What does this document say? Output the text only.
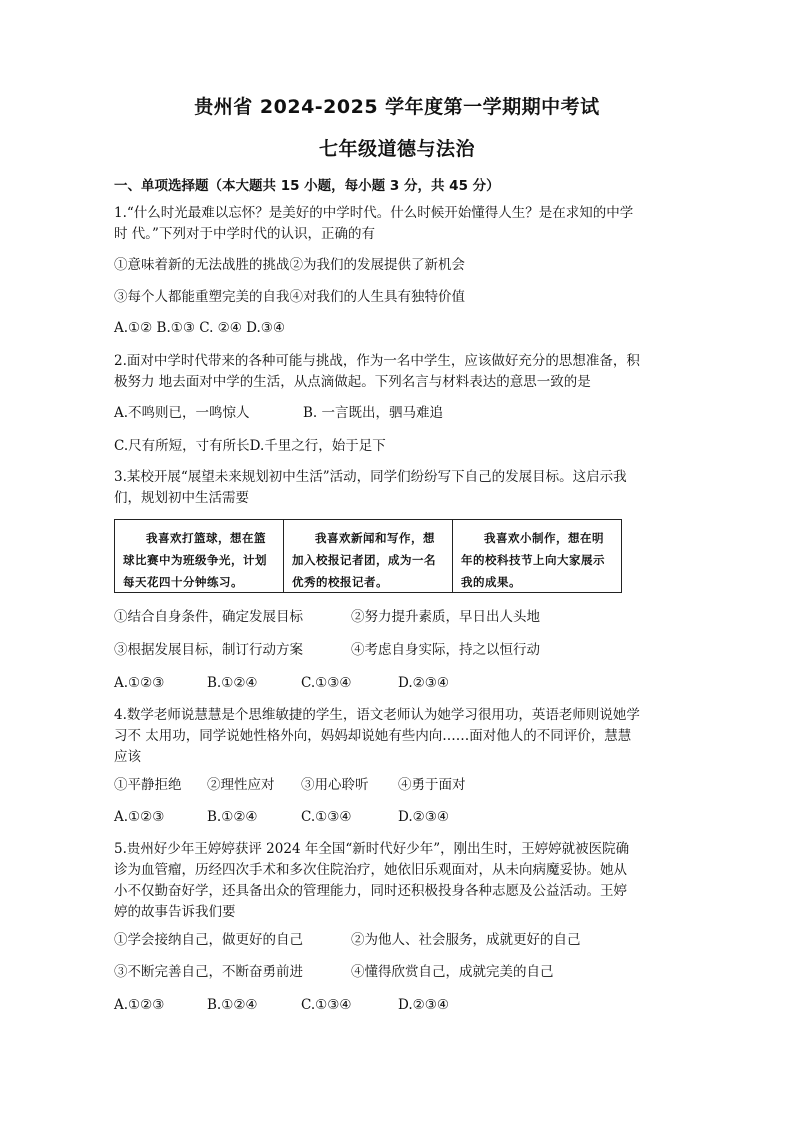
贵州省 2024-2025 学年度第一学期期中考试
七年级道德与法治
一、单项选择题（本大题共 15 小题，每小题 3 分，共 45 分）
1.“什么时光最难以忘怀？是美好的中学时代。什么时候开始懂得人生？是在求知的中学
时 代。”下列对于中学时代的认识，正确的有
①意味着新的无法战胜的挑战②为我们的发展提供了新机会
③每个人都能重塑完美的自我④对我们的人生具有独特价值
A.①② B.①③ C. ②④ D.③④
2.面对中学时代带来的各种可能与挑战，作为一名中学生，应该做好充分的思想准备，积
极努力 地去面对中学的生活，从点滴做起。下列名言与材料表达的意思一致的是
A.不鸣则已，一鸣惊人	B. 一言既出，驷马难追
C.尺有所短，寸有所长D.千里之行，始于足下
3.某校开展“展望未来规划初中生活”活动，同学们纷纷写下自己的发展目标。这启示我
们，规划初中生活需要
我喜欢打篮球，想在篮球比赛中为班级争光，计划每天花四十分钟练习。
我喜欢新闻和写作，想加入校报记者团，成为一名优秀的校报记者。
我喜欢小制作，想在明年的校科技节上向大家展示我的成果。
①结合自身条件，确定发展目标	②努力提升素质，早日出人头地
③根据发展目标，制订行动方案	④考虑自身实际，持之以恒行动
A.①②③	B.①②④	C.①③④	D.②③④
4.数学老师说慧慧是个思维敏捷的学生，语文老师认为她学习很用功，英语老师则说她学
习不 太用功，同学说她性格外向，妈妈却说她有些内向……面对他人的不同评价，慧慧
应该
①平静拒绝 ②理性应对 ③用心聆听 ④勇于面对
A.①②③	B.①②④	C.①③④	D.②③④
5.贵州好少年王婷婷获评 2024 年全国“新时代好少年”，刚出生时，王婷婷就被医院确
诊为血管瘤，历经四次手术和多次住院治疗，她依旧乐观面对，从未向病魔妥协。她从
小不仅勤奋好学，还具备出众的管理能力，同时还积极投身各种志愿及公益活动。王婷
婷的故事告诉我们要
①学会接纳自己，做更好的自己	②为他人、社会服务，成就更好的自己
③不断完善自己，不断奋勇前进	④懂得欣赏自己，成就完美的自己
A.①②③	B.①②④	C.①③④	D.②③④
